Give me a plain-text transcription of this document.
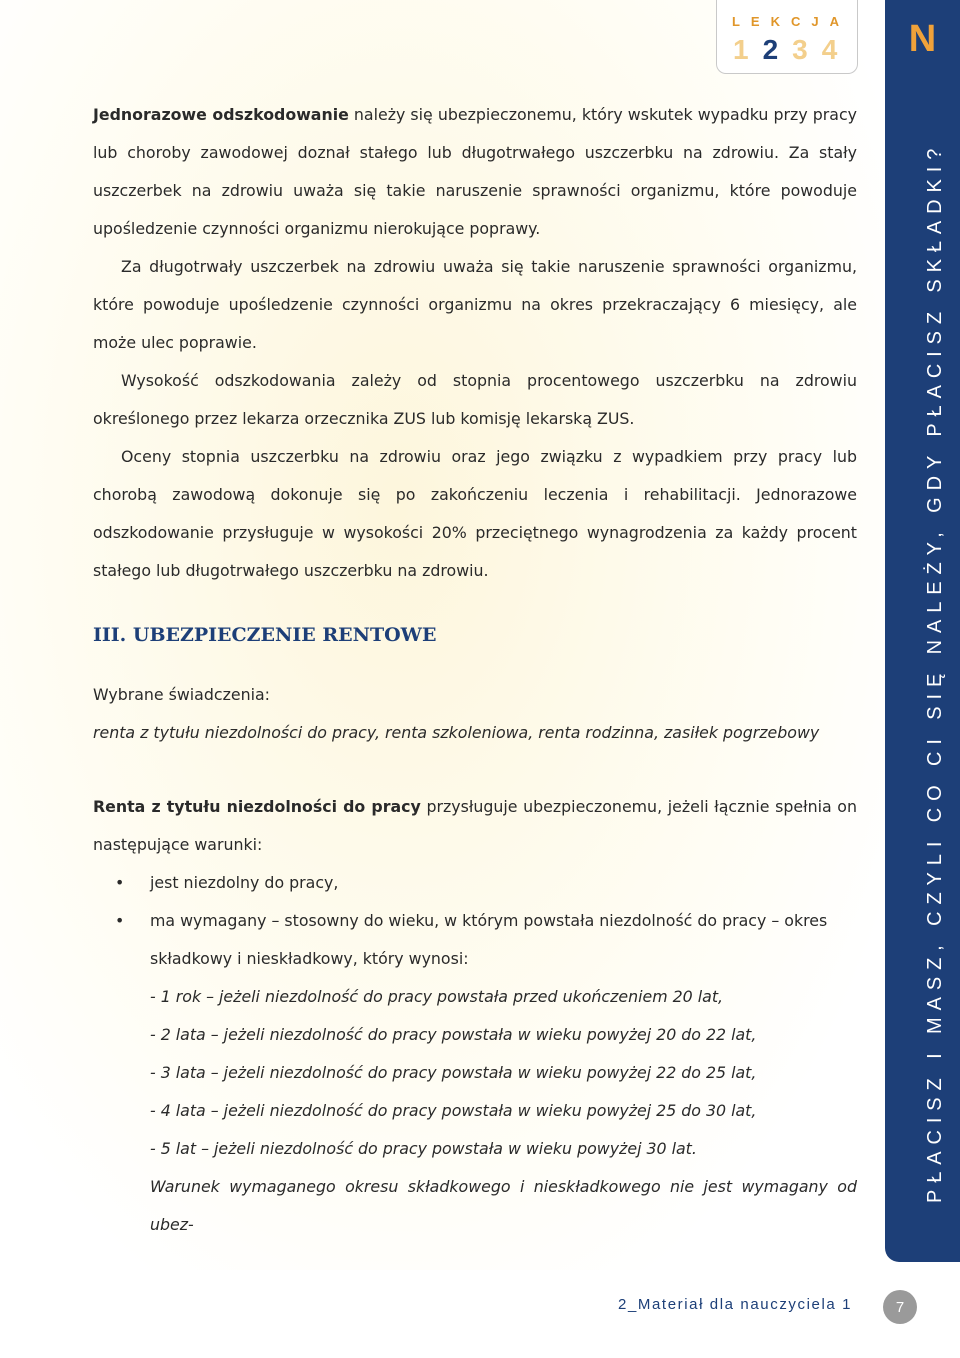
LEKCJA
1 2 3 4	N
PŁACISZ I MASZ, CZYLI CO CI SIĘ NALEŻY, GDY PŁACISZ SKŁADKI?

Jednorazowe odszkodowanie należy się ubezpieczonemu, który wskutek wypadku przy pracy lub choroby zawodowej doznał stałego lub długotrwałego uszczerbku na zdrowiu. Za stały uszczerbek na zdrowiu uważa się takie naruszenie sprawności organizmu, które powoduje upośledzenie czynności organizmu nierokujące poprawy.

Za długotrwały uszczerbek na zdrowiu uważa się takie naruszenie sprawności organizmu, które powoduje upośledzenie czynności organizmu na okres przekraczający 6 miesięcy, ale może ulec poprawie.

Wysokość odszkodowania zależy od stopnia procentowego uszczerbku na zdrowiu określonego przez lekarza orzecznika ZUS lub komisję lekarską ZUS.

Oceny stopnia uszczerbku na zdrowiu oraz jego związku z wypadkiem przy pracy lub chorobą zawodową dokonuje się po zakończeniu leczenia i rehabilitacji. Jednorazowe odszkodowanie przysługuje w wysokości 20% przeciętnego wynagrodzenia za każdy procent stałego lub długotrwałego uszczerbku na zdrowiu.

III. UBEZPIECZENIE RENTOWE

Wybrane świadczenia:

renta z tytułu niezdolności do pracy, renta szkoleniowa, renta rodzinna, zasiłek pogrzebowy

Renta z tytułu niezdolności do pracy przysługuje ubezpieczonemu, jeżeli łącznie spełnia on następujące warunki:

• jest niezdolny do pracy,
• ma wymagany – stosowny do wieku, w którym powstała niezdolność do pracy – okres składkowy i nieskładkowy, który wynosi:

- 1 rok – jeżeli niezdolność do pracy powstała przed ukończeniem 20 lat,

- 2 lata – jeżeli niezdolność do pracy powstała w wieku powyżej 20 do 22 lat,

- 3 lata – jeżeli niezdolność do pracy powstała w wieku powyżej 22 do 25 lat,

- 4 lata – jeżeli niezdolność do pracy powstała w wieku powyżej 25 do 30 lat,

- 5 lat – jeżeli niezdolność do pracy powstała w wieku powyżej 30 lat.

Warunek wymaganego okresu składkowego i nieskładkowego nie jest wymagany od ubez-

2_Materiał dla nauczyciela 1	7
